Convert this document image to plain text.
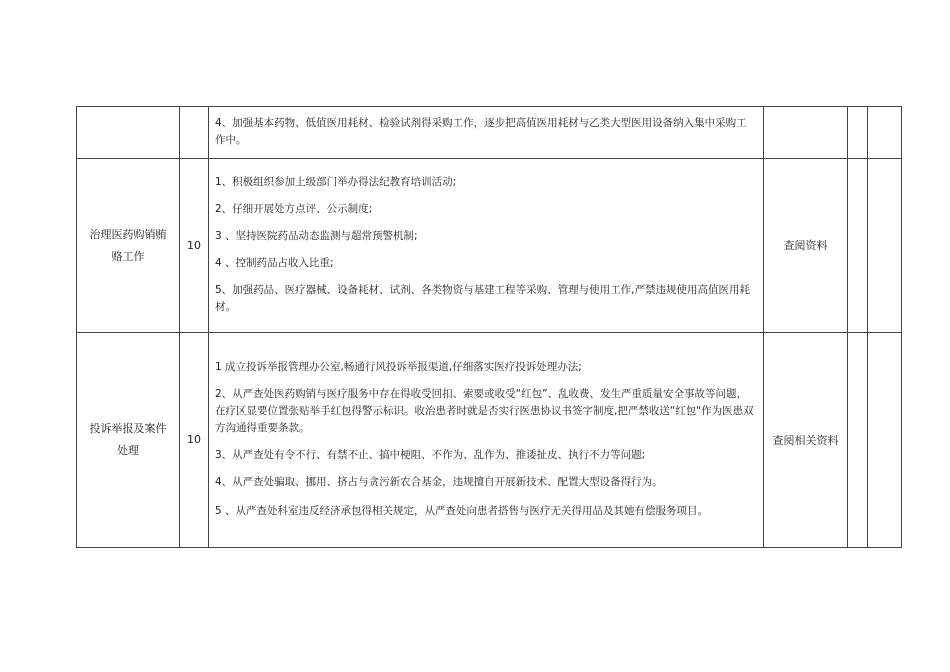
		4、加强基本药物、低值医用耗材、检验试剂得采购工作，逐步把高值医用耗材与乙类大型医用设备纳入集中采购工作中。			

治理医药购销贿赂工作	10	1、积极组织参加上级部门举办得法纪教育培训活动;
2、仔细开展处方点评、公示制度;
3 、坚持医院药品动态监测与超常预警机制;
4 、控制药品占收入比重;
5、加强药品、医疗器械、设备耗材、试剂、各类物资与基建工程等采购、管理与使用工作,严禁违规使用高值医用耗材。	查阅资料		

投诉举报及案件处理	10	1 成立投诉举报管理办公室,畅通行风投诉举报渠道,仔细落实医疗投诉处理办法;
2、从严查处医药购销与医疗服务中存在得收受回扣、索要或收受“红包”、乱收费、发生严重质量安全事故等问题，在疗区显要位置张贴举手红包得警示标识。收治患者时就是否实行医患协议书签字制度,把严禁收送“红包"作为医患双方沟通得重要条款。
3、从严查处有令不行、有禁不止、搞中梗阻、不作为、乱作为、推诿扯皮、执行不力等问题;
4、从严查处骗取、挪用、挤占与贪污新农合基金，违规擅自开展新技术、配置大型设备得行为。
5 、从严查处科室违反经济承包得相关规定，从严查处向患者搭售与医疗无关得用品及其她有偿服务项目。	查阅相关资料		
